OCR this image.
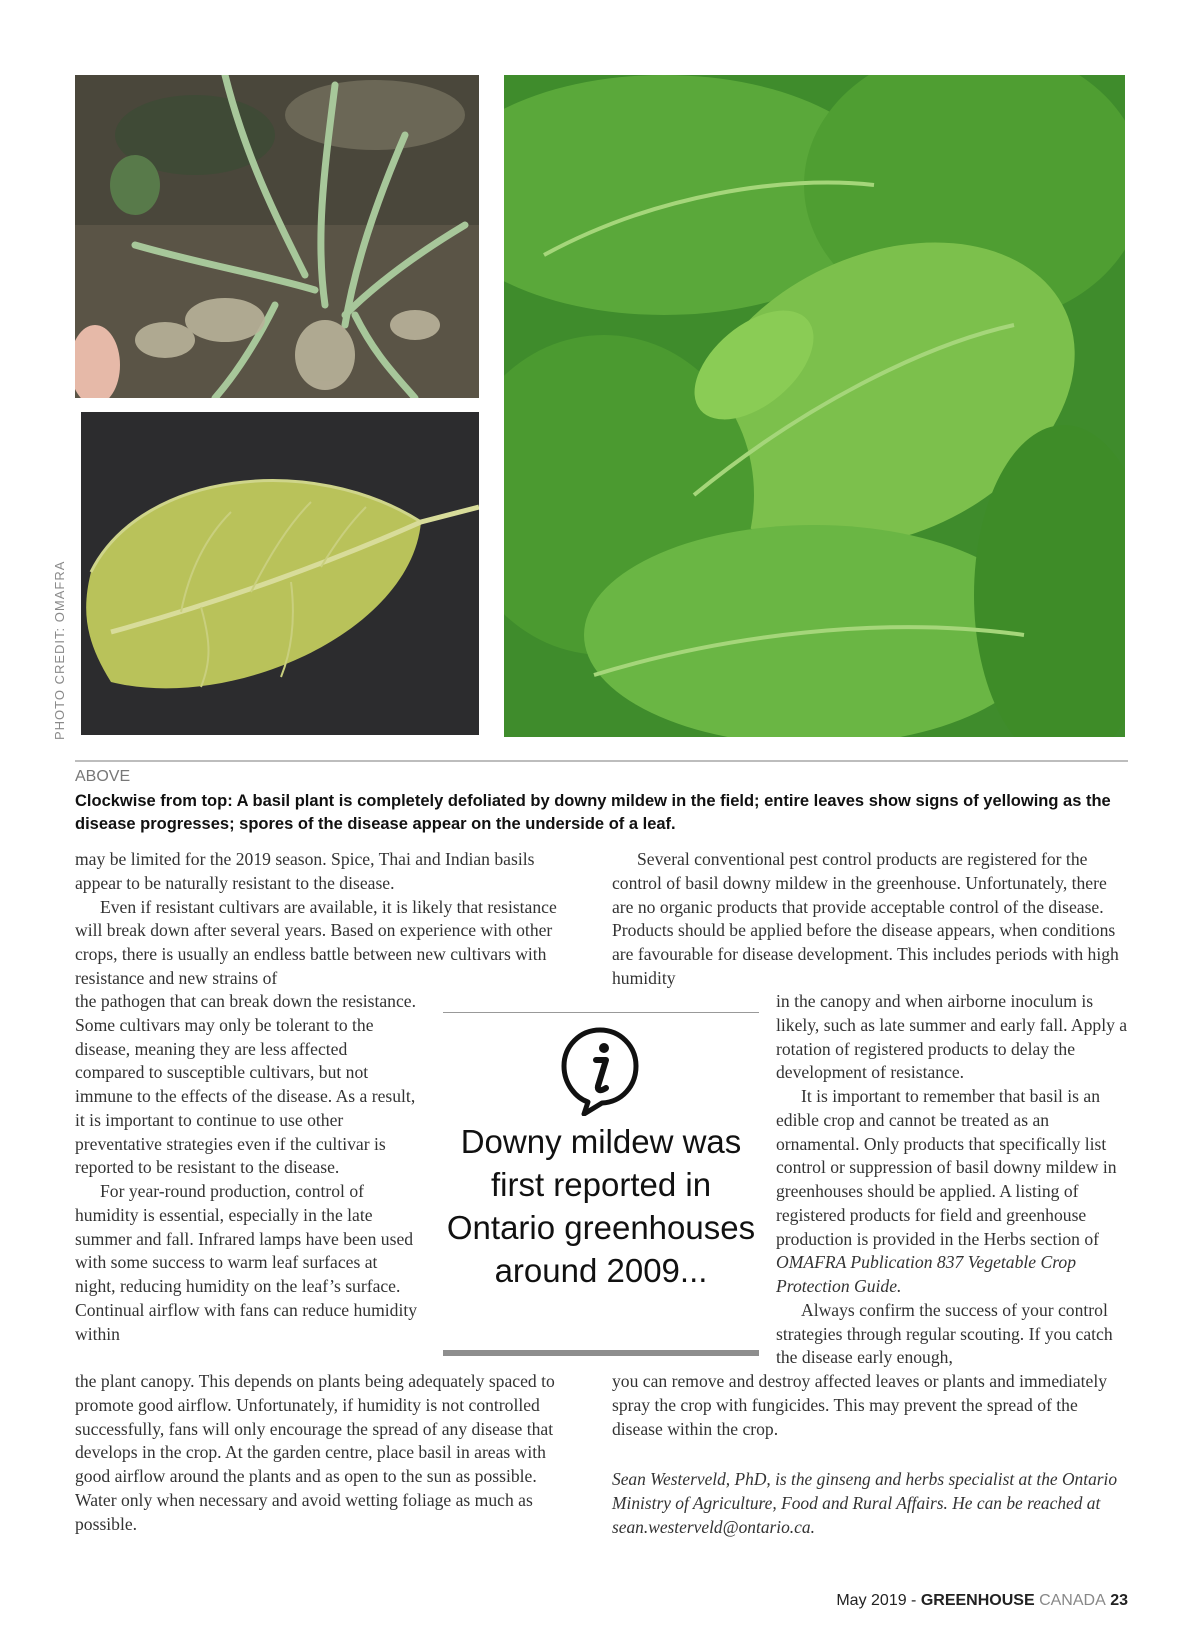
PHOTO CREDIT: OMAFRA
ABOVE
Clockwise from top: A basil plant is completely defoliated by downy mildew in the field; entire leaves show signs of yellowing as the disease progresses; spores of the disease appear on the underside of a leaf.

may be limited for the 2019 season. Spice, Thai and Indian basils appear to be naturally resistant to the disease.

Even if resistant cultivars are available, it is likely that resistance will break down after several years. Based on experience with other crops, there is usually an endless battle between new cultivars with resistance and new strains of

the pathogen that can break down the resistance. Some cultivars may only be tolerant to the disease, meaning they are less affected compared to susceptible cultivars, but not immune to the effects of the disease. As a result, it is important to continue to use other preventative strategies even if the cultivar is reported to be resistant to the disease.

For year-round production, control of humidity is essential, especially in the late summer and fall. Infrared lamps have been used with some success to warm leaf surfaces at night, reducing humidity on the leaf’s surface. Continual airflow with fans can reduce humidity within

the plant canopy. This depends on plants being adequately spaced to promote good airflow. Unfortunately, if humidity is not controlled successfully, fans will only encourage the spread of any disease that develops in the crop. At the garden centre, place basil in areas with good airflow around the plants and as open to the sun as possible. Water only when necessary and avoid wetting foliage as much as possible.

Several conventional pest control products are registered for the control of basil downy mildew in the greenhouse. Unfortunately, there are no organic products that provide acceptable control of the disease. Products should be applied before the disease appears, when conditions are favourable for disease development. This includes periods with high humidity

in the canopy and when airborne inoculum is likely, such as late summer and early fall. Apply a rotation of registered products to delay the development of resistance.

It is important to remember that basil is an edible crop and cannot be treated as an ornamental. Only products that specifically list control or suppression of basil downy mildew in greenhouses should be applied. A listing of registered products for field and greenhouse production is provided in the Herbs section of OMAFRA Publication 837 Vegetable Crop Protection Guide.

Always confirm the success of your control strategies through regular scouting. If you catch the disease early enough,

you can remove and destroy affected leaves or plants and immediately spray the crop with fungicides. This may prevent the spread of the disease within the crop.

Downy mildew was first reported in Ontario greenhouses around 2009...
Sean Westerveld, PhD, is the ginseng and herbs specialist at the Ontario Ministry of Agriculture, Food and Rural Affairs. He can be reached at sean.westerveld@ontario.ca.
May 2019 - GREENHOUSE CANADA 23
